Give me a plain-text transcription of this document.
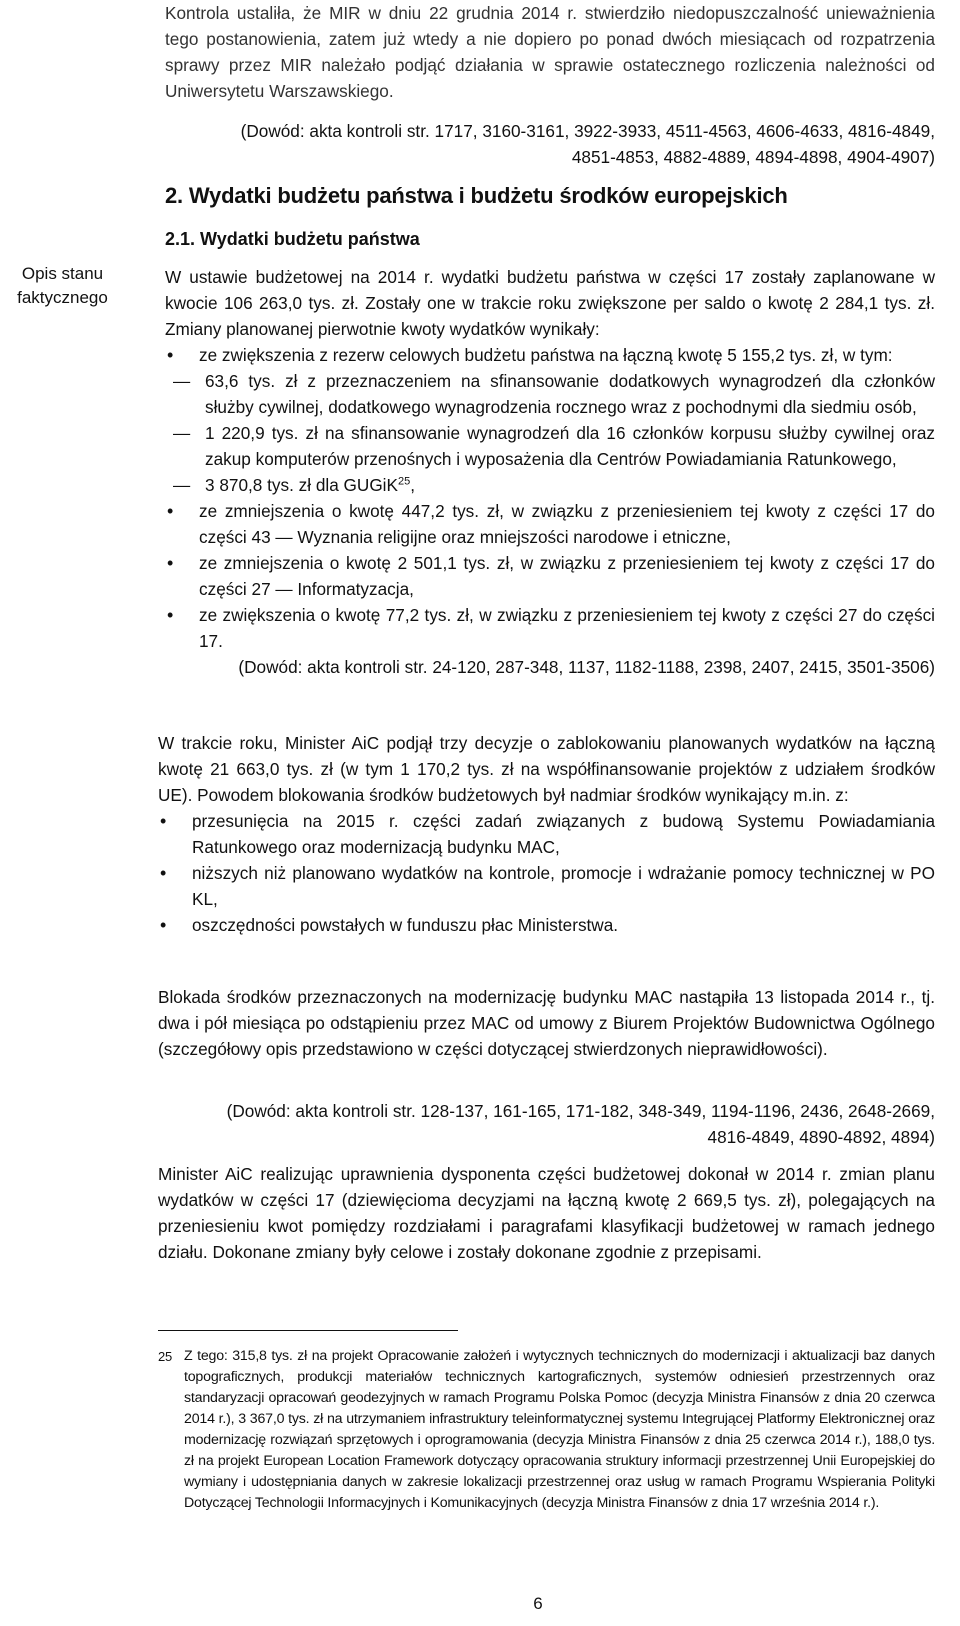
Opis stanu faktycznego

Kontrola ustaliła, że MIR w dniu 22 grudnia 2014 r. stwierdziło niedopuszczalność unieważnienia tego postanowienia, zatem już wtedy a nie dopiero po ponad dwóch miesiącach od rozpatrzenia sprawy przez MIR należało podjąć działania w sprawie ostatecznego rozliczenia należności od Uniwersytetu Warszawskiego.

(Dowód: akta kontroli str. 1717, 3160-3161, 3922-3933, 4511-4563, 4606-4633, 4816-4849,

4851-4853, 4882-4889, 4894-4898, 4904-4907)

2. Wydatki budżetu państwa i budżetu środków europejskich
2.1. Wydatki budżetu państwa

W ustawie budżetowej na 2014 r. wydatki budżetu państwa w części 17 zostały zaplanowane w kwocie 106 263,0 tys. zł. Zostały one w trakcie roku zwiększone per saldo o kwotę 2 284,1 tys. zł. Zmiany planowanej pierwotnie kwoty wydatków wynikały:

• ze zwiększenia z rezerw celowych budżetu państwa na łączną kwotę 5 155,2 tys. zł, w tym:
— 63,6 tys. zł z przeznaczeniem na sfinansowanie dodatkowych wynagrodzeń dla członków służby cywilnej, dodatkowego wynagrodzenia rocznego wraz z pochodnymi dla siedmiu osób,
— 1 220,9 tys. zł na sfinansowanie wynagrodzeń dla 16 członków korpusu służby cywilnej oraz zakup komputerów przenośnych i wyposażenia dla Centrów Powiadamiania Ratunkowego,
— 3 870,8 tys. zł dla GUGiK$^{25}$,
• ze zmniejszenia o kwotę 447,2 tys. zł, w związku z przeniesieniem tej kwoty z części 17 do części 43 — Wyznania religijne oraz mniejszości narodowe i etniczne,
• ze zmniejszenia o kwotę 2 501,1 tys. zł, w związku z przeniesieniem tej kwoty z części 17 do części 27 — Informatyzacja,
• ze zwiększenia o kwotę 77,2 tys. zł, w związku z przeniesieniem tej kwoty z części 27 do części 17.

(Dowód: akta kontroli str. 24-120, 287-348, 1137, 1182-1188, 2398, 2407, 2415, 3501-3506)

W trakcie roku, Minister AiC podjął trzy decyzje o zablokowaniu planowanych wydatków na łączną kwotę 21 663,0 tys. zł (w tym 1 170,2 tys. zł na współfinansowanie projektów z udziałem środków UE). Powodem blokowania środków budżetowych był nadmiar środków wynikający m.in. z:

• przesunięcia na 2015 r. części zadań związanych z budową Systemu Powiadamiania Ratunkowego oraz modernizacją budynku MAC,
• niższych niż planowano wydatków na kontrole, promocje i wdrażanie pomocy technicznej w PO KL,
• oszczędności powstałych w funduszu płac Ministerstwa.

Blokada środków przeznaczonych na modernizację budynku MAC nastąpiła 13 listopada 2014 r., tj. dwa i pół miesiąca po odstąpieniu przez MAC od umowy z Biurem Projektów Budownictwa Ogólnego (szczegółowy opis przedstawiono w części dotyczącej stwierdzonych nieprawidłowości).

(Dowód: akta kontroli str. 128-137, 161-165, 171-182, 348-349, 1194-1196, 2436, 2648-2669,

4816-4849, 4890-4892, 4894)

Minister AiC realizując uprawnienia dysponenta części budżetowej dokonał w 2014 r. zmian planu wydatków w części 17 (dziewięciomа decyzjami na łączną kwotę 2 669,5 tys. zł), polegających na przeniesieniu kwot pomiędzy rozdziałami i paragrafami klasyfikacji budżetowej w ramach jednego działu. Dokonane zmiany były celowe i zostały dokonane zgodnie z przepisami.

25 Z tego: 315,8 tys. zł na projekt Opracowanie założeń i wytycznych technicznych do modernizacji i aktualizacji baz danych topograficznych, produkcji materiałów technicznych kartograficznych, systemów odniesień przestrzennych oraz standaryzacji opracowań geodezyjnych w ramach Programu Polska Pomoc (decyzja Ministra Finansów z dnia 20 czerwca 2014 r.), 3 367,0 tys. zł na utrzymaniem infrastruktury teleinformatycznej systemu Integrującej Platformy Elektronicznej oraz modernizację rozwiązań sprzętowych i oprogramowania (decyzja Ministra Finansów z dnia 25 czerwca 2014 r.), 188,0 tys. zł na projekt European Location Framework dotyczący opracowania struktury informacji przestrzennej Unii Europejskiej do wymiany i udostępniania danych w zakresie lokalizacji przestrzennej oraz usług w ramach Programu Wspierania Polityki Dotyczącej Technologii Informacyjnych i Komunikacyjnych (decyzja Ministra Finansów z dnia 17 września 2014 r.).
6
